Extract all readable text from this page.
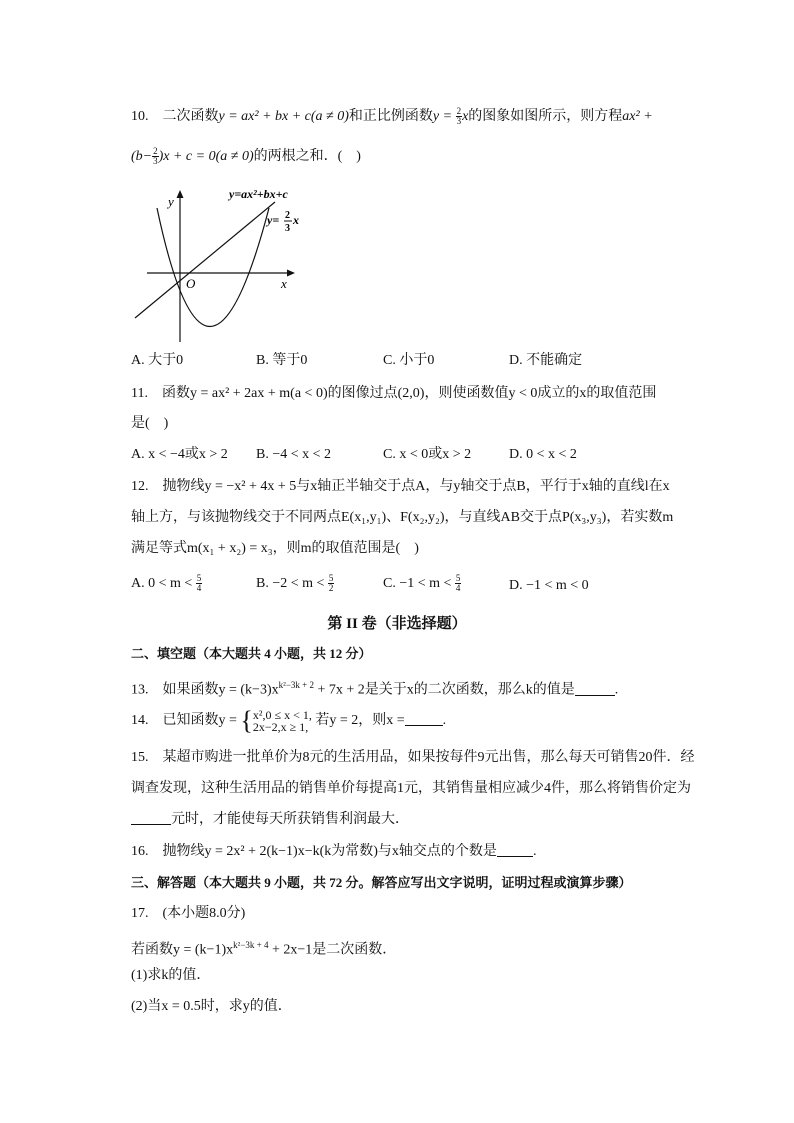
10. 二次函数y = ax² + bx + c(a ≠ 0)和正比例函数$y = \frac{2}{3}$ x的图象如图所示，则方程ax² +
$(b- \frac{2}{3} )x + c = 0(a \ne 0)$的两根之和．(　)
y
x
O
y=ax²+bx+c
y= 2
3
x
A. 大于0	B. 等于0	C. 小于0	D. 不能确定
11.　函数y = ax² + 2ax + m(a < 0)的图像过点(2,0)，则使函数值y < 0成立的x的取值范围
是(　)
A. x < −4或x > 2 B. −4 < x < 2	C. x < 0或x > 2	D. 0 < x < 2
12.　抛物线y = −x² + 4x + 5与x轴正半轴交于点A，与y轴交于点B，平行于x轴的直线l在x
轴上方，与该抛物线交于不同两点E(x₁,y₁)、F(x₂,y₂)，与直线AB交于点P(x₃,y₃)，若实数m
满足等式m(x₁ + x₂) = x₃，则m的取值范围是(　)
A. $0 < m < \frac{5}{4}$	B. $-2 < m < \frac{5}{2}$	C. $-1 < m < \frac{5}{4}$	D. −1 < m < 0
第 II 卷（非选择题）
二、填空题（本大题共 4 小题，共 12 分）
13.　如果函数$y = (k-3)x^{k^2-3k + 2} + 7x + 2$是关于x的二次函数，那么k的值是	.
14.　已知函数y = { x²,0 ≤ x < 1,
2x−2,x ≥ 1, 若y = 2，则x =	.
15.　某超市购进一批单价为8元的生活用品，如果按每件9元出售，那么每天可销售20件．经
调查发现，这种生活用品的销售单价每提高1元，其销售量相应减少4件，那么将销售价定为
元时，才能使每天所获销售利润最大．
16.　抛物线y = 2x² + 2(k−1)x−k(k为常数)与x轴交点的个数是	.
三、解答题（本大题共 9 小题，共 72 分。解答应写出文字说明，证明过程或演算步骤）
17.　(本小题8.0分)
若函数$y = (k-1)x^{k^2-3k + 4} + 2x-1$是二次函数．
(1)求k的值．
(2)当x = 0.5时，求y的值．
